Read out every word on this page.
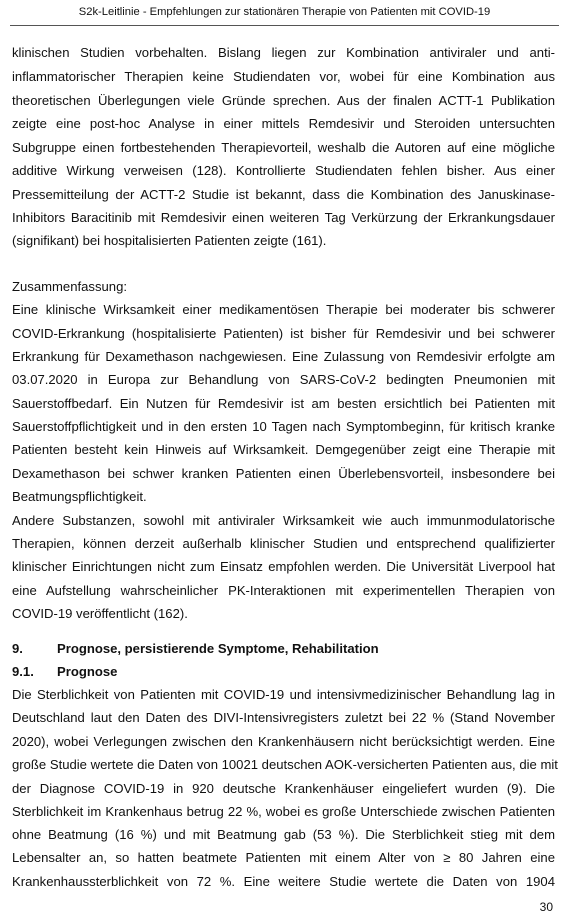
S2k-Leitlinie - Empfehlungen zur stationären Therapie von Patienten mit COVID-19
klinischen Studien vorbehalten. Bislang liegen zur Kombination antiviraler und anti-
inflammatorischer Therapien keine Studiendaten vor, wobei für eine Kombination aus
theoretischen Überlegungen viele Gründe sprechen. Aus der finalen ACTT-1 Publikation
zeigte eine post-hoc Analyse in einer mittels Remdesivir und Steroiden untersuchten
Subgruppe einen fortbestehenden Therapievorteil, weshalb die Autoren auf eine mögliche
additive Wirkung verweisen (128). Kontrollierte Studiendaten fehlen bisher. Aus einer
Pressemitteilung der ACTT-2 Studie ist bekannt, dass die Kombination des Januskinase-
Inhibitors Baracitinib mit Remdesivir einen weiteren Tag Verkürzung der Erkrankungsdauer
(signifikant) bei hospitalisierten Patienten zeigte (161).
Zusammenfassung:
Eine klinische Wirksamkeit einer medikamentösen Therapie bei moderater bis schwerer
COVID-Erkrankung (hospitalisierte Patienten) ist bisher für Remdesivir und bei schwerer
Erkrankung für Dexamethason nachgewiesen. Eine Zulassung von Remdesivir erfolgte am
03.07.2020 in Europa zur Behandlung von SARS-CoV-2 bedingten Pneumonien mit
Sauerstoffbedarf. Ein Nutzen für Remdesivir ist am besten ersichtlich bei Patienten mit
Sauerstoffpflichtigkeit und in den ersten 10 Tagen nach Symptombeginn, für kritisch kranke
Patienten besteht kein Hinweis auf Wirksamkeit. Demgegenüber zeigt eine Therapie mit
Dexamethason bei schwer kranken Patienten einen Überlebensvorteil, insbesondere bei
Beatmungspflichtigkeit.
Andere Substanzen, sowohl mit antiviraler Wirksamkeit wie auch immunmodulatorische
Therapien, können derzeit außerhalb klinischer Studien und entsprechend qualifizierter
klinischer Einrichtungen nicht zum Einsatz empfohlen werden. Die Universität Liverpool hat
eine Aufstellung wahrscheinlicher PK-Interaktionen mit experimentellen Therapien von
COVID-19 veröffentlicht (162).
9.	Prognose, persistierende Symptome, Rehabilitation
9.1. Prognose
Die Sterblichkeit von Patienten mit COVID-19 und intensivmedizinischer Behandlung lag in
Deutschland laut den Daten des DIVI-Intensivregisters zuletzt bei 22 % (Stand November
2020), wobei Verlegungen zwischen den Krankenhäusern nicht berücksichtigt werden. Eine
große Studie wertete die Daten von 10021 deutschen AOK-versicherten Patienten aus, die mit
der Diagnose COVID-19 in 920 deutsche Krankenhäuser eingeliefert wurden (9). Die
Sterblichkeit im Krankenhaus betrug 22 %, wobei es große Unterschiede zwischen Patienten
ohne Beatmung (16 %) und mit Beatmung gab (53 %). Die Sterblichkeit stieg mit dem
Lebensalter an, so hatten beatmete Patienten mit einem Alter von ≥ 80 Jahren eine
Krankenhaussterblichkeit von 72 %. Eine weitere Studie wertete die Daten von 1904
30
